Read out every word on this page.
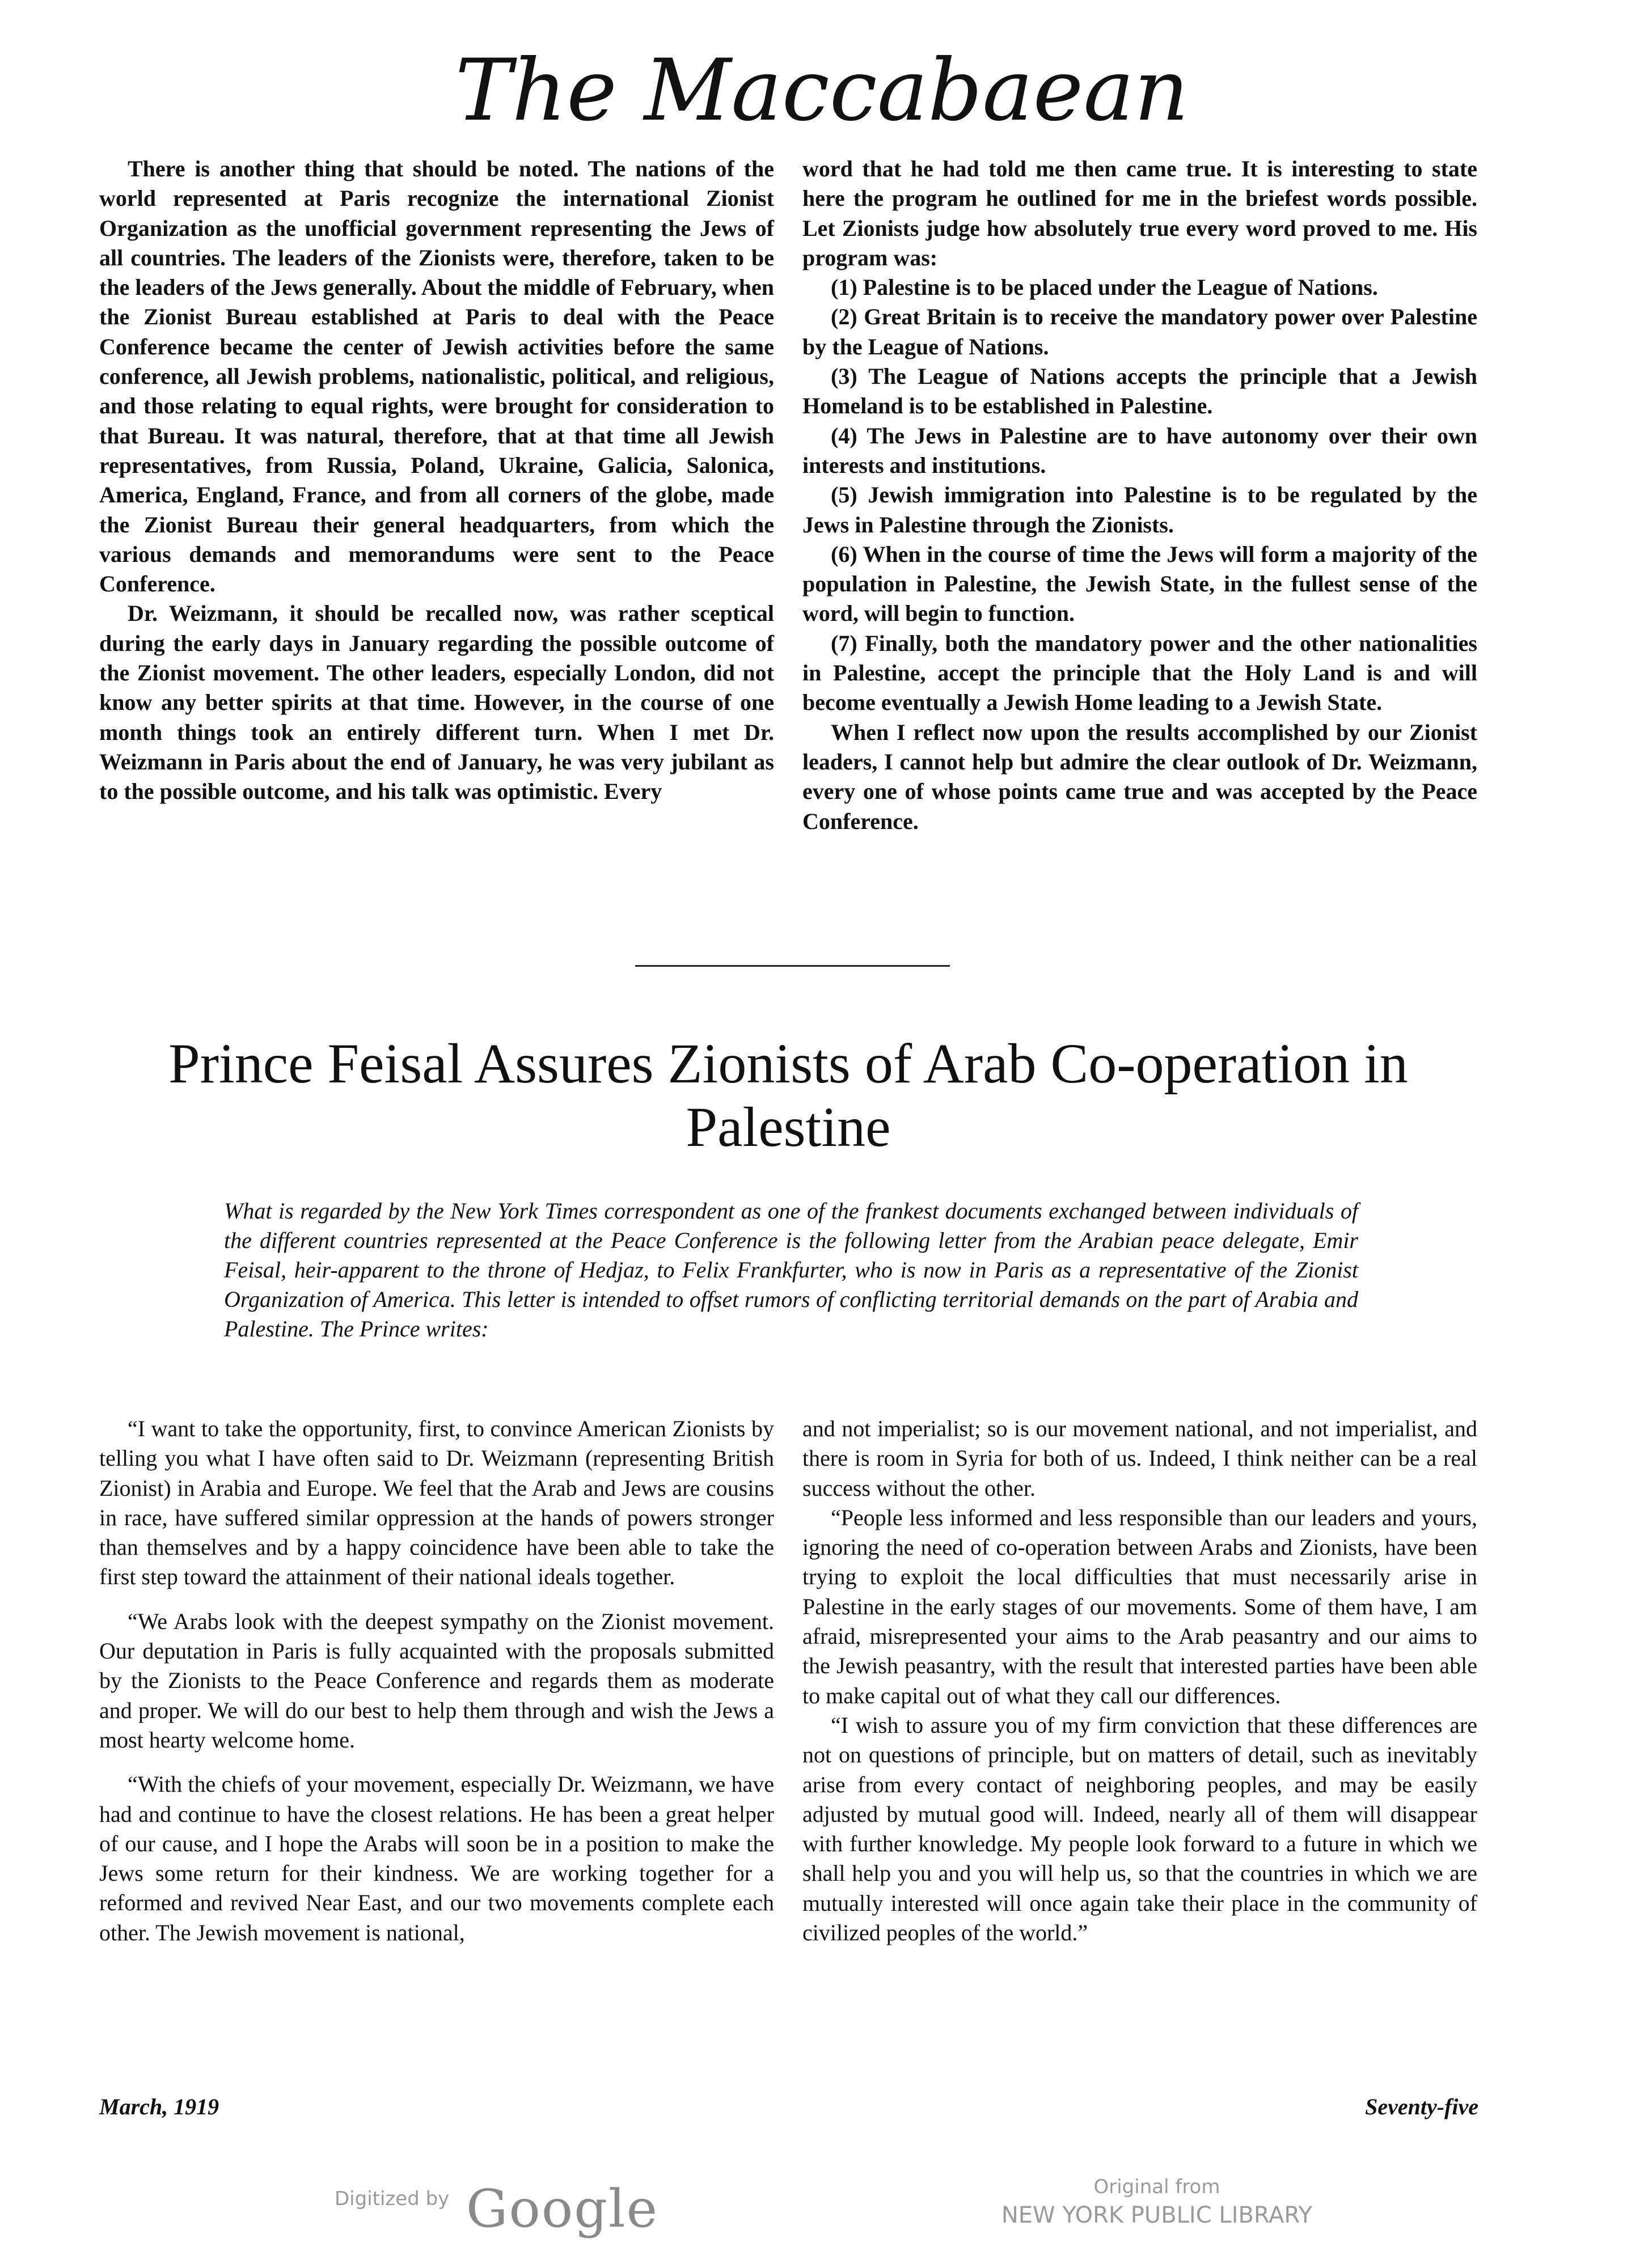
The Maccabaean

There is another thing that should be noted. The nations of the world represented at Paris recognize the international Zionist Organization as the unofficial government representing the Jews of all countries. The leaders of the Zionists were, therefore, taken to be the leaders of the Jews generally. About the middle of February, when the Zionist Bureau established at Paris to deal with the Peace Conference became the center of Jewish activities before the same conference, all Jewish problems, nationalistic, political, and religious, and those relating to equal rights, were brought for consideration to that Bureau. It was natural, therefore, that at that time all Jewish representatives, from Russia, Poland, Ukraine, Galicia, Salonica, America, England, France, and from all corners of the globe, made the Zionist Bureau their general headquarters, from which the various demands and memorandums were sent to the Peace Conference.

Dr. Weizmann, it should be recalled now, was rather sceptical during the early days in January regarding the possible outcome of the Zionist movement. The other leaders, especially London, did not know any better spirits at that time. However, in the course of one month things took an entirely different turn. When I met Dr. Weizmann in Paris about the end of January, he was very jubilant as to the possible outcome, and his talk was optimistic. Every

word that he had told me then came true. It is interesting to state here the program he outlined for me in the briefest words possible. Let Zionists judge how absolutely true every word proved to me. His program was:

(1) Palestine is to be placed under the League of Nations.

(2) Great Britain is to receive the mandatory power over Palestine by the League of Nations.

(3) The League of Nations accepts the principle that a Jewish Homeland is to be established in Palestine.

(4) The Jews in Palestine are to have autonomy over their own interests and institutions.

(5) Jewish immigration into Palestine is to be regulated by the Jews in Palestine through the Zionists.

(6) When in the course of time the Jews will form a majority of the population in Palestine, the Jewish State, in the fullest sense of the word, will begin to function.

(7) Finally, both the mandatory power and the other nationalities in Palestine, accept the principle that the Holy Land is and will become eventually a Jewish Home leading to a Jewish State.

When I reflect now upon the results accomplished by our Zionist leaders, I cannot help but admire the clear outlook of Dr. Weizmann, every one of whose points came true and was accepted by the Peace Conference.

Prince Feisal Assures Zionists of Arab Co-operation in Palestine
What is regarded by the New York Times correspondent as one of the frankest documents exchanged between individuals of the different countries represented at the Peace Conference is the following letter from the Arabian peace delegate, Emir Feisal, heir-apparent to the throne of Hedjaz, to Felix Frankfurter, who is now in Paris as a representative of the Zionist Organization of America. This letter is intended to offset rumors of conflicting territorial demands on the part of Arabia and Palestine. The Prince writes:

“I want to take the opportunity, first, to convince American Zionists by telling you what I have often said to Dr. Weizmann (representing British Zionist) in Arabia and Europe. We feel that the Arab and Jews are cousins in race, have suffered similar oppression at the hands of powers stronger than themselves and by a happy coincidence have been able to take the first step toward the attainment of their national ideals together.

“We Arabs look with the deepest sympathy on the Zionist movement. Our deputation in Paris is fully acquainted with the proposals submitted by the Zionists to the Peace Conference and regards them as moderate and proper. We will do our best to help them through and wish the Jews a most hearty welcome home.

“With the chiefs of your movement, especially Dr. Weizmann, we have had and continue to have the closest relations. He has been a great helper of our cause, and I hope the Arabs will soon be in a position to make the Jews some return for their kindness. We are working together for a reformed and revived Near East, and our two movements complete each other. The Jewish movement is national,

and not imperialist; so is our movement national, and not imperialist, and there is room in Syria for both of us. Indeed, I think neither can be a real success without the other.

“People less informed and less responsible than our leaders and yours, ignoring the need of co-operation between Arabs and Zionists, have been trying to exploit the local difficulties that must necessarily arise in Palestine in the early stages of our movements. Some of them have, I am afraid, misrepresented your aims to the Arab peasantry and our aims to the Jewish peasantry, with the result that interested parties have been able to make capital out of what they call our differences.

“I wish to assure you of my firm conviction that these differences are not on questions of principle, but on matters of detail, such as inevitably arise from every contact of neighboring peoples, and may be easily adjusted by mutual good will. Indeed, nearly all of them will disappear with further knowledge. My people look forward to a future in which we shall help you and you will help us, so that the countries in which we are mutually interested will once again take their place in the community of civilized peoples of the world.”

March, 1919	Seventy-five
Digitized by Google	Original from
NEW YORK PUBLIC LIBRARY
